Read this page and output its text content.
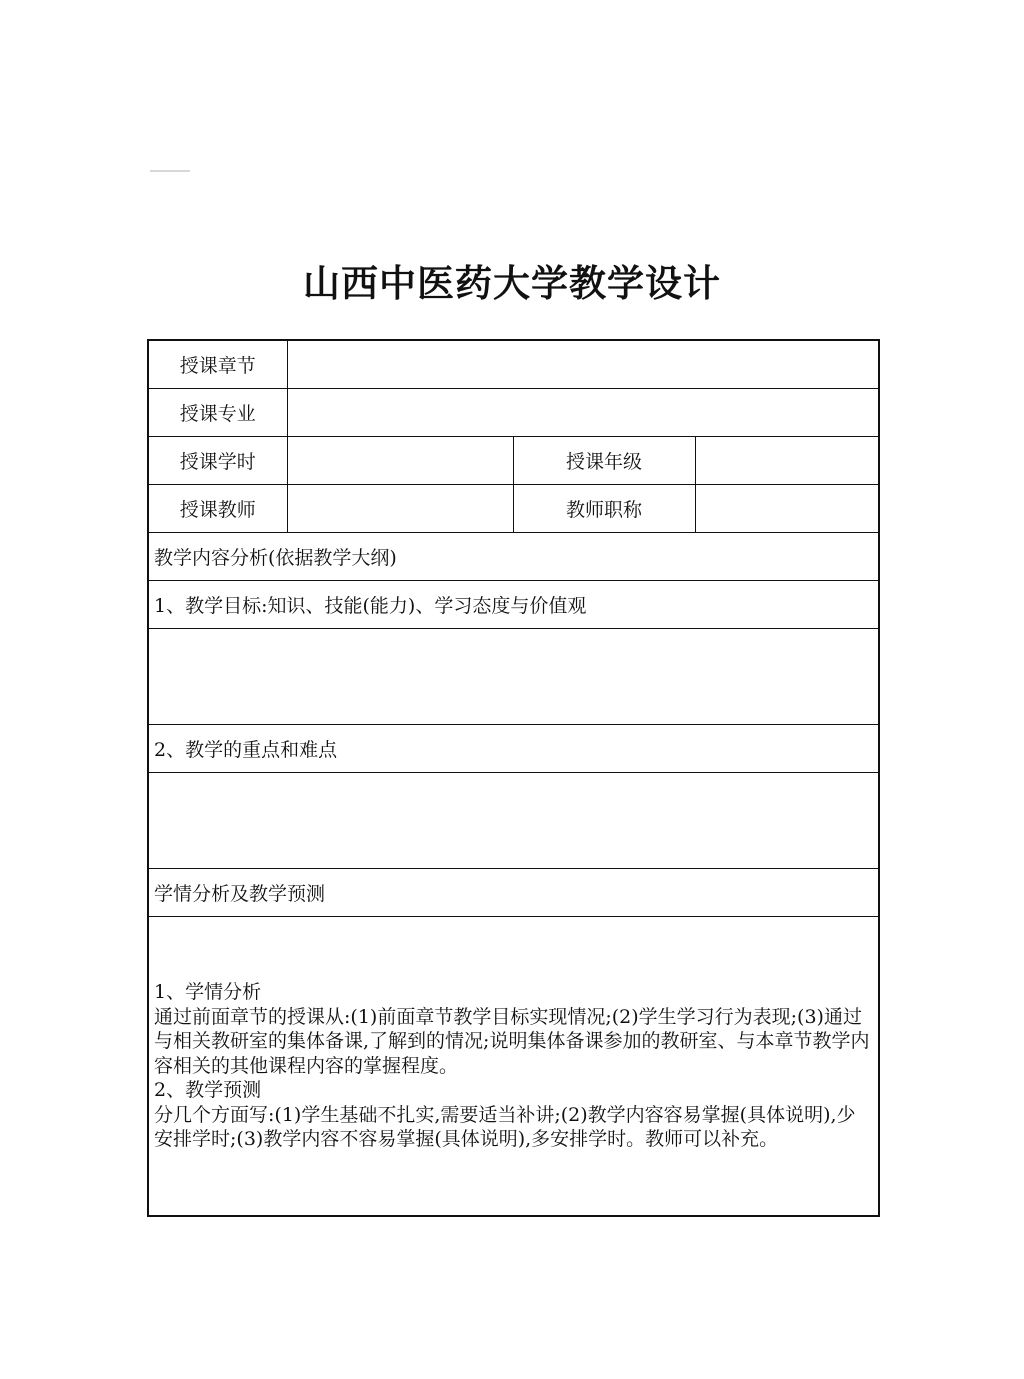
山西中医药大学教学设计
授课章节			
授课专业			
授课学时		授课年级	
授课教师		教师职称	
教学内容分析(依据教学大纲)			
1、教学目标:知识、技能(能力)、学习态度与价值观			

2、教学的重点和难点			

学情分析及教学预测			

1、学情分析
通过前面章节的授课从:(1)前面章节教学目标实现情况;(2)学生学习行为表现;(3)通过与相关教研室的集体备课,了解到的情况;说明集体备课参加的教研室、与本章节教学内容相关的其他课程内容的掌握程度。
2、教学预测
分几个方面写:(1)学生基础不扎实,需要适当补讲;(2)教学内容容易掌握(具体说明),少安排学时;(3)教学内容不容易掌握(具体说明),多安排学时。教师可以补充。			
